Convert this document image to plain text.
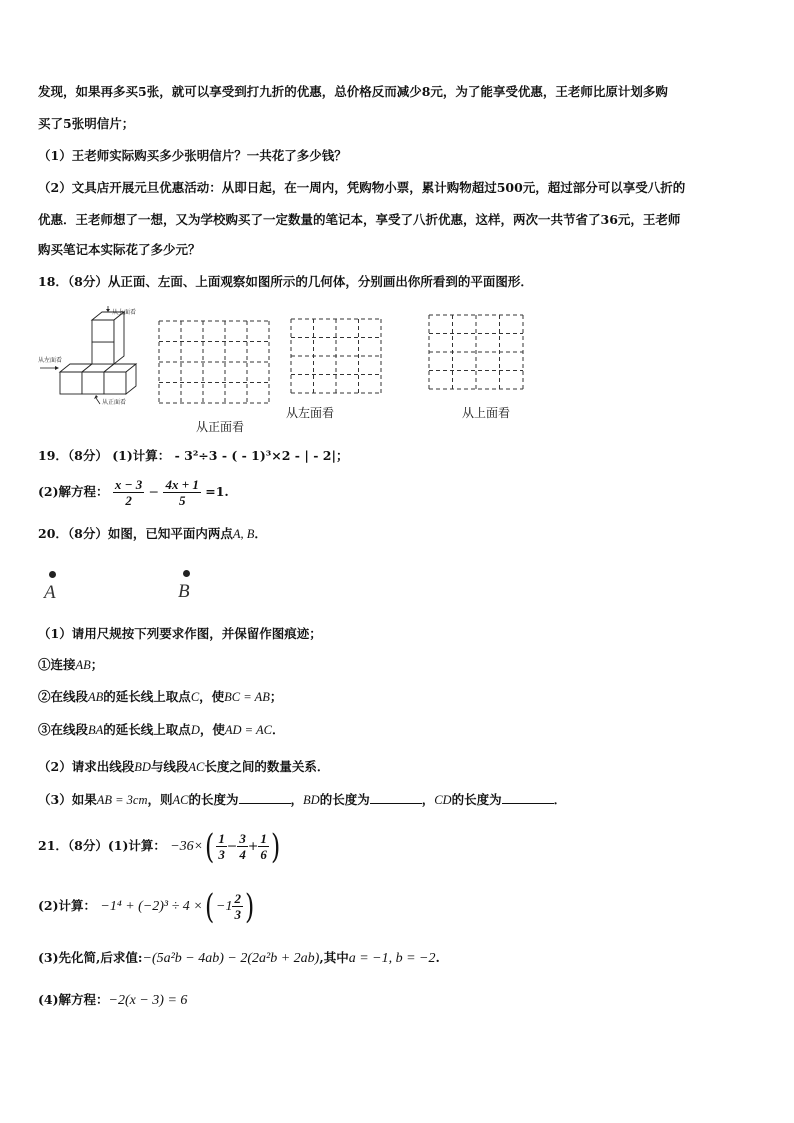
发现，如果再多买5张，就可以享受到打九折的优惠，总价格反而减少8元，为了能享受优惠，王老师比原计划多购
买了5张明信片；
（1）王老师实际购买多少张明信片？一共花了多少钱？
（2）文具店开展元旦优惠活动：从即日起，在一周内，凭购物小票，累计购物超过500元，超过部分可以享受八折的
优惠．王老师想了一想，又为学校购买了一定数量的笔记本，享受了八折优惠，这样，两次一共节省了36元，王老师
购买笔记本实际花了多少元？
18．（8分）从正面、左面、上面观察如图所示的几何体，分别画出你所看到的平面图形．
从上面看
从左面看
从正面看
从正面看
从左面看	从上面看
19．（8分） (1)计算： - 3²÷3 - ( - 1)³×2 - | - 2|；
(2)解方程： $\frac{x - 3}{2} - \frac{4x + 1}{5} =1$.
20．（8分）如图，已知平面内两点A, B．
A	B
（1）请用尺规按下列要求作图，并保留作图痕迹；
①连接AB；
②在线段AB的延长线上取点C，使BC = AB；
③在线段BA的延长线上取点D，使AD = AC．
（2）请求出线段BD与线段AC长度之间的数量关系．
（3）如果AB = 3cm，则AC的长度为	，BD的长度为	，CD的长度为	．
21．（8分）(1)计算： $-36\times( \frac{1}{3} - \frac{3}{4} + \frac{1}{6}$ )
(2)计算： −1⁴ + (−2)³ ÷ 4 ×( $-1 \frac{2}{3}$ )
(3)先化简,后求值:−(5a²b − 4ab) − 2(2a²b + 2ab),其中a = −1, b = −2.
(4)解方程：−2(x − 3) = 6
